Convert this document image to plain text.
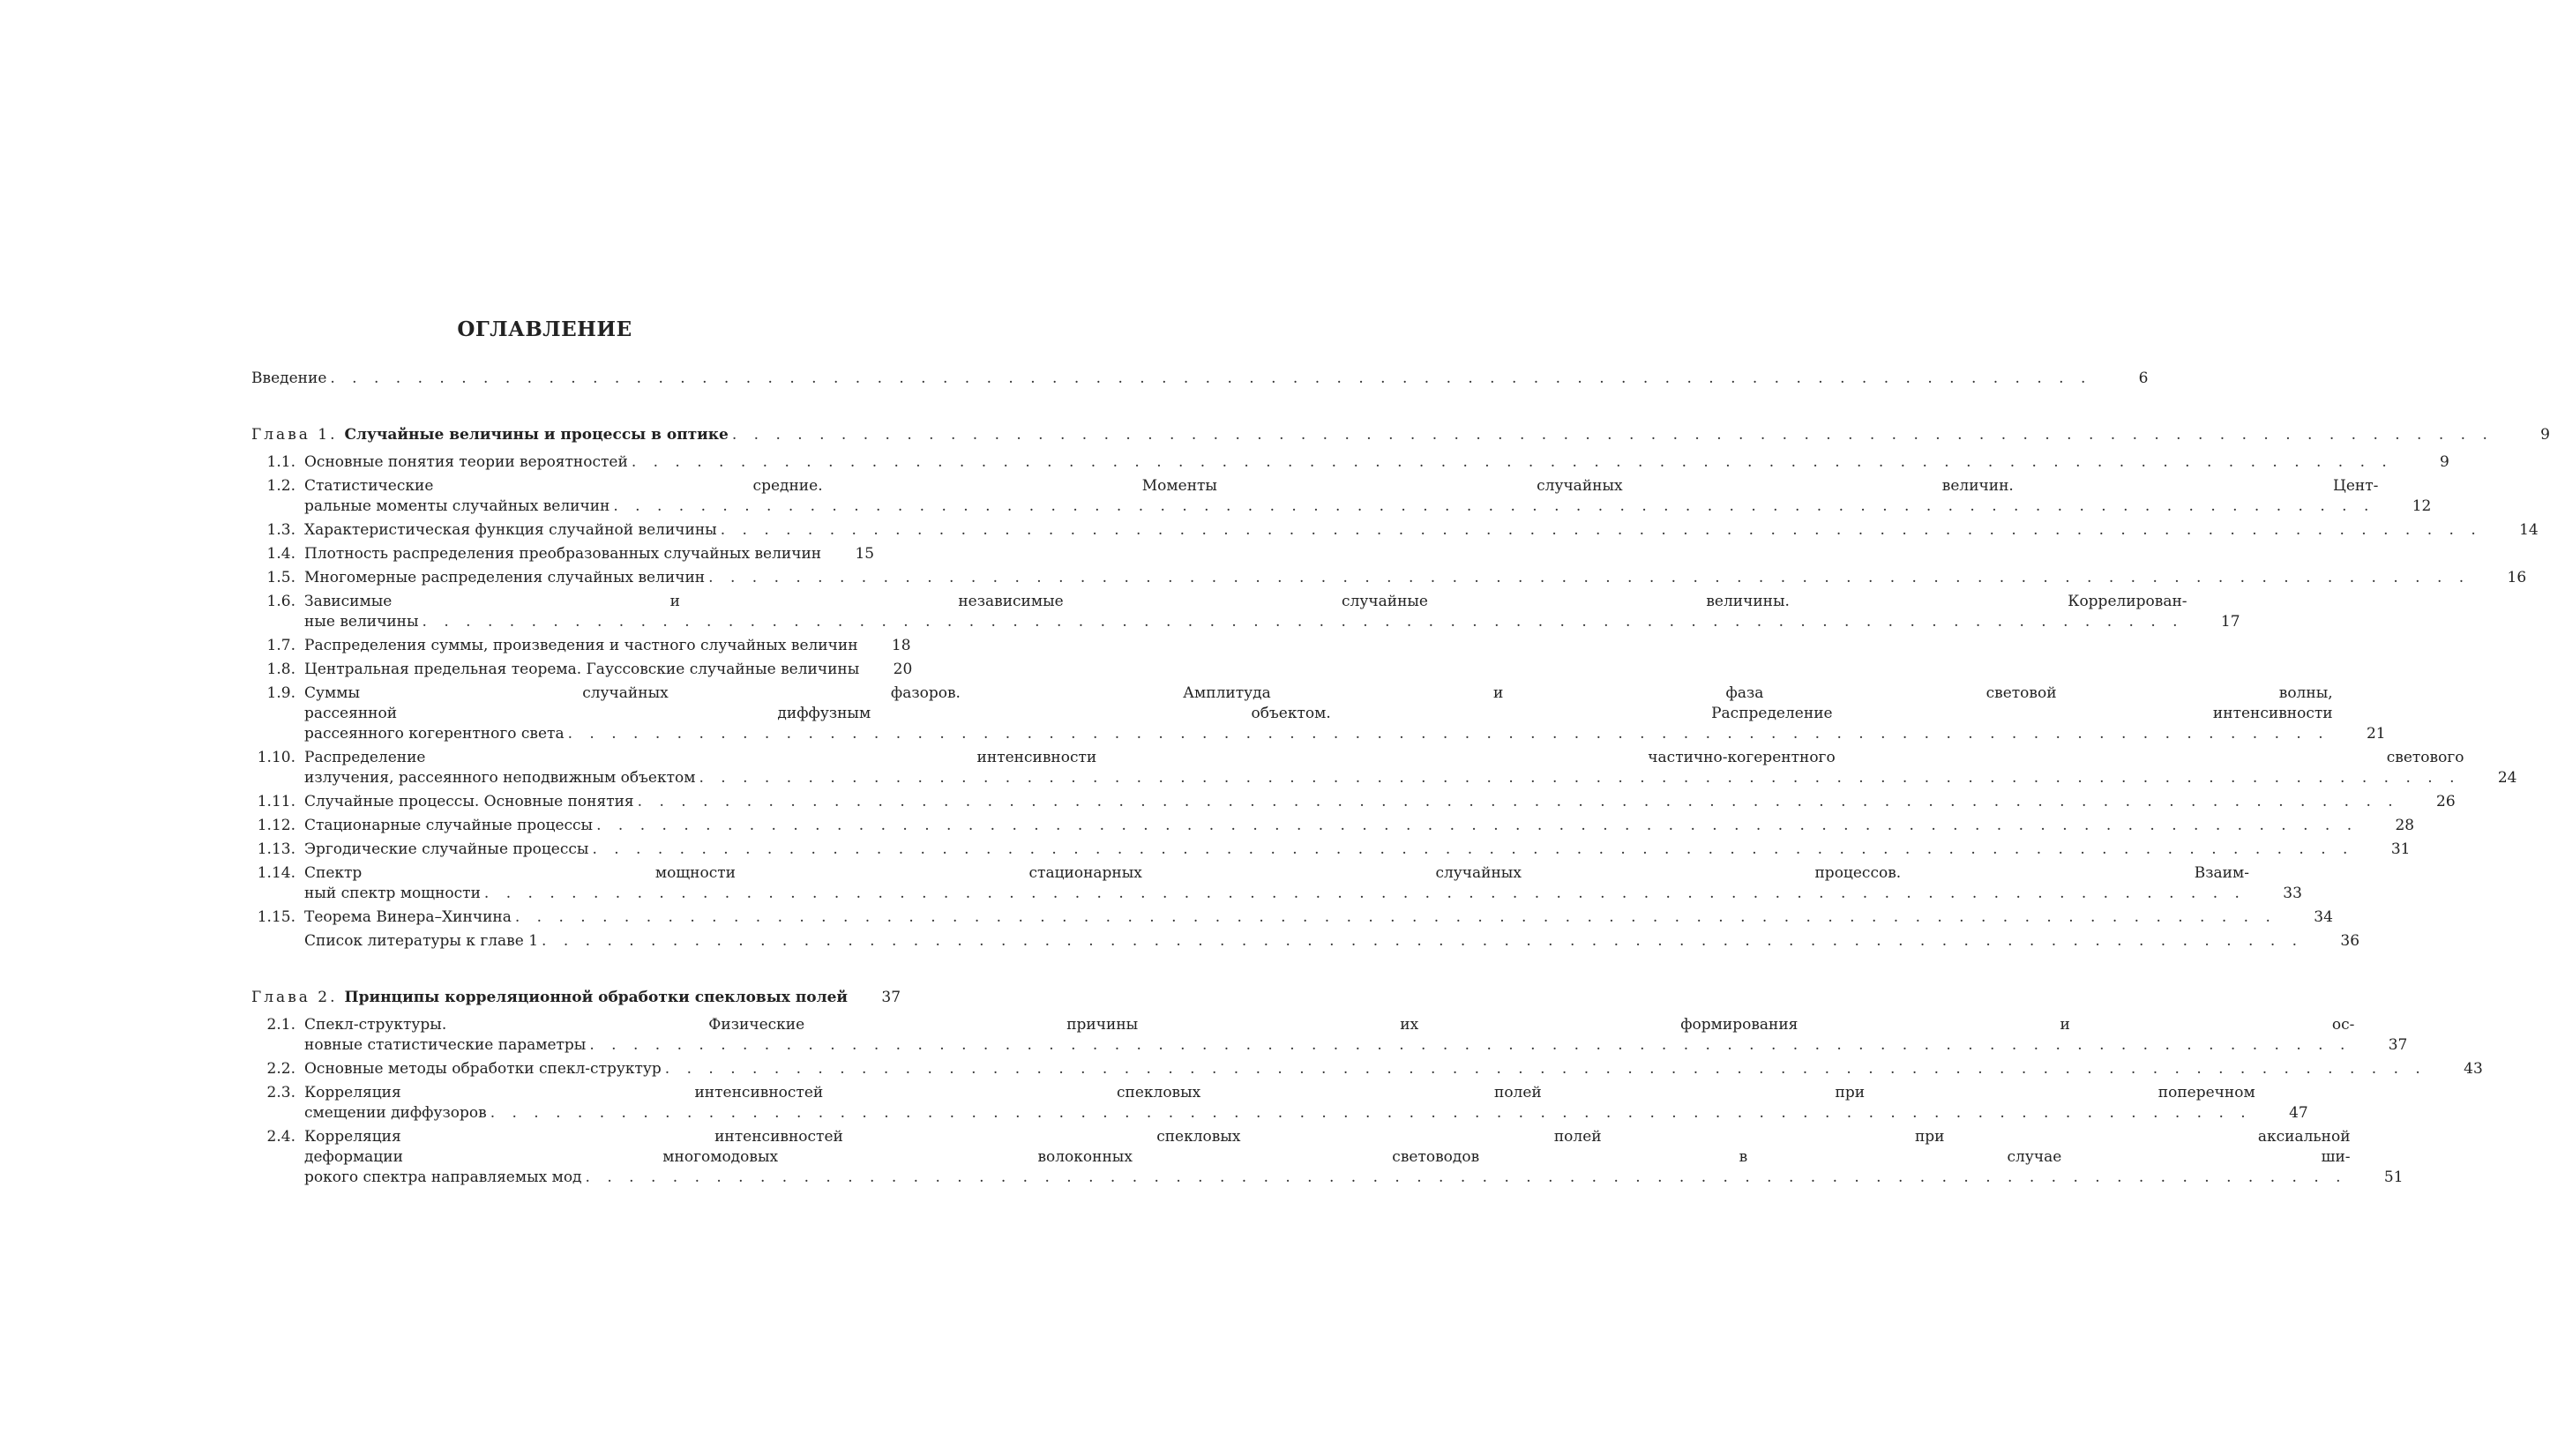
ОГЛАВЛЕНИЕ
Введение . . .	6
Глава 1. Случайные величины и процессы в оптике . . .	9
1.1. Основные понятия теории вероятностей . . .	9
1.2. Статистические средние. Моменты случайных величин. Цент-
ральные моменты случайных величин . . .	12
1.3. Характеристическая функция случайной величины . . .	14
1.4. Плотность распределения преобразованных случайных величин	15
1.5. Многомерные распределения случайных величин . . .	16
1.6. Зависимые и независимые случайные величины. Коррелирован-
ные величины . . .	17
1.7. Распределения суммы, произведения и частного случайных величин	18
1.8. Центральная предельная теорема. Гауссовские случайные величины	20
1.9. Суммы случайных фазоров. Амплитуда и фаза световой волны,
рассеянной диффузным объектом. Распределение интенсивности
рассеянного когерентного света . . .	21
1.10. Распределение интенсивности частично-когерентного светового
излучения, рассеянного неподвижным объектом . . .	24
1.11. Случайные процессы. Основные понятия . . .	26
1.12. Стационарные случайные процессы . . .	28
1.13. Эргодические случайные процессы . . .	31
1.14. Спектр мощности стационарных случайных процессов. Взаим-
ный спектр мощности . . .	33
1.15. Теорема Винера–Хинчина . . .	34
Список литературы к главе 1 . . .	36
Глава 2. Принципы корреляционной обработки спекловых полей	37
2.1. Спекл-структуры. Физические причины их формирования и ос-
новные статистические параметры . . .	37
2.2. Основные методы обработки спекл-структур . . .	43
2.3. Корреляция интенсивностей спекловых полей при поперечном
смещении диффузоров . . .	47
2.4. Корреляция интенсивностей спекловых полей при аксиальной
деформации многомодовых волоконных световодов в случае ши-
рокого спектра направляемых мод . . .	51
